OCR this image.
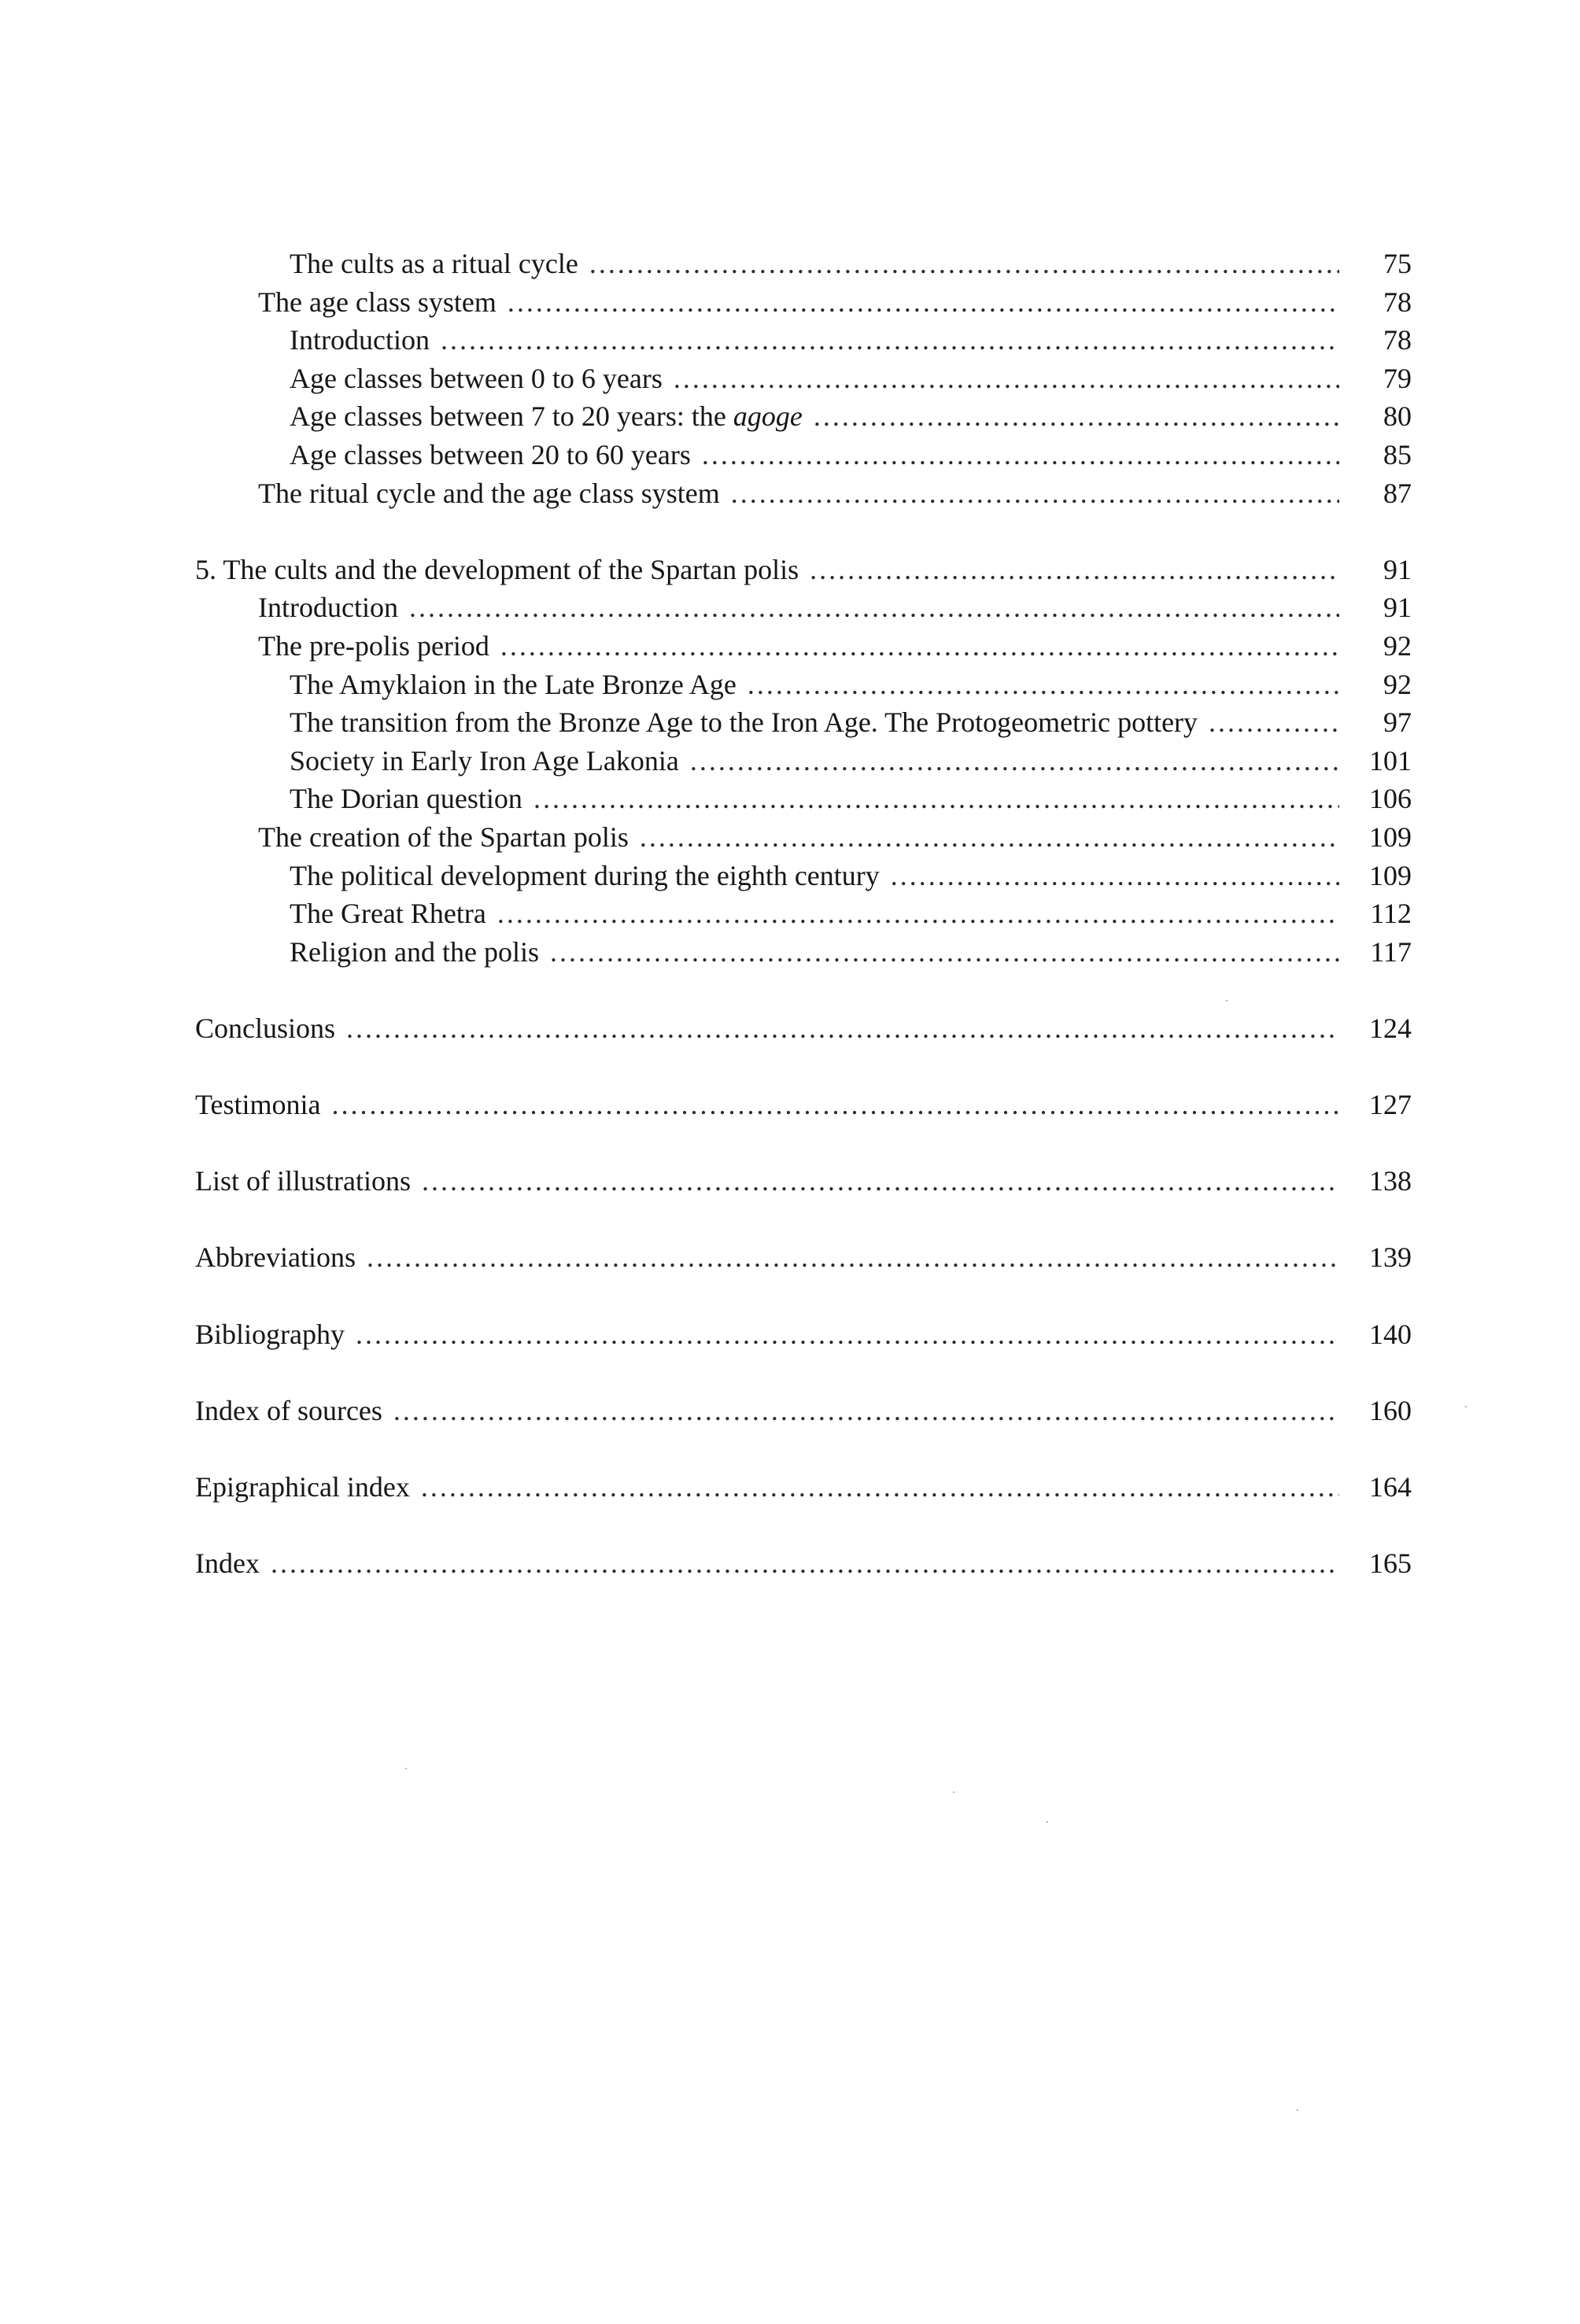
The cults as a ritual cycle .....	75
The age class system .....	78
Introduction .....	78
Age classes between 0 to 6 years .....	79
Age classes between 7 to 20 years: the agoge .....	80
Age classes between 20 to 60 years .....	85
The ritual cycle and the age class system .....	87
5. The cults and the development of the Spartan polis .....	91
Introduction .....	91
The pre-polis period .....	92
The Amyklaion in the Late Bronze Age .....	92
The transition from the Bronze Age to the Iron Age. The Protogeometric pottery .....	97
Society in Early Iron Age Lakonia .....	101
The Dorian question .....	106
The creation of the Spartan polis .....	109
The political development during the eighth century .....	109
The Great Rhetra .....	112
Religion and the polis .....	117
Conclusions .....	124
Testimonia .....	127
List of illustrations .....	138
Abbreviations .....	139
Bibliography .....	140
Index of sources .....	160
Epigraphical index .....	164
Index .....	165
